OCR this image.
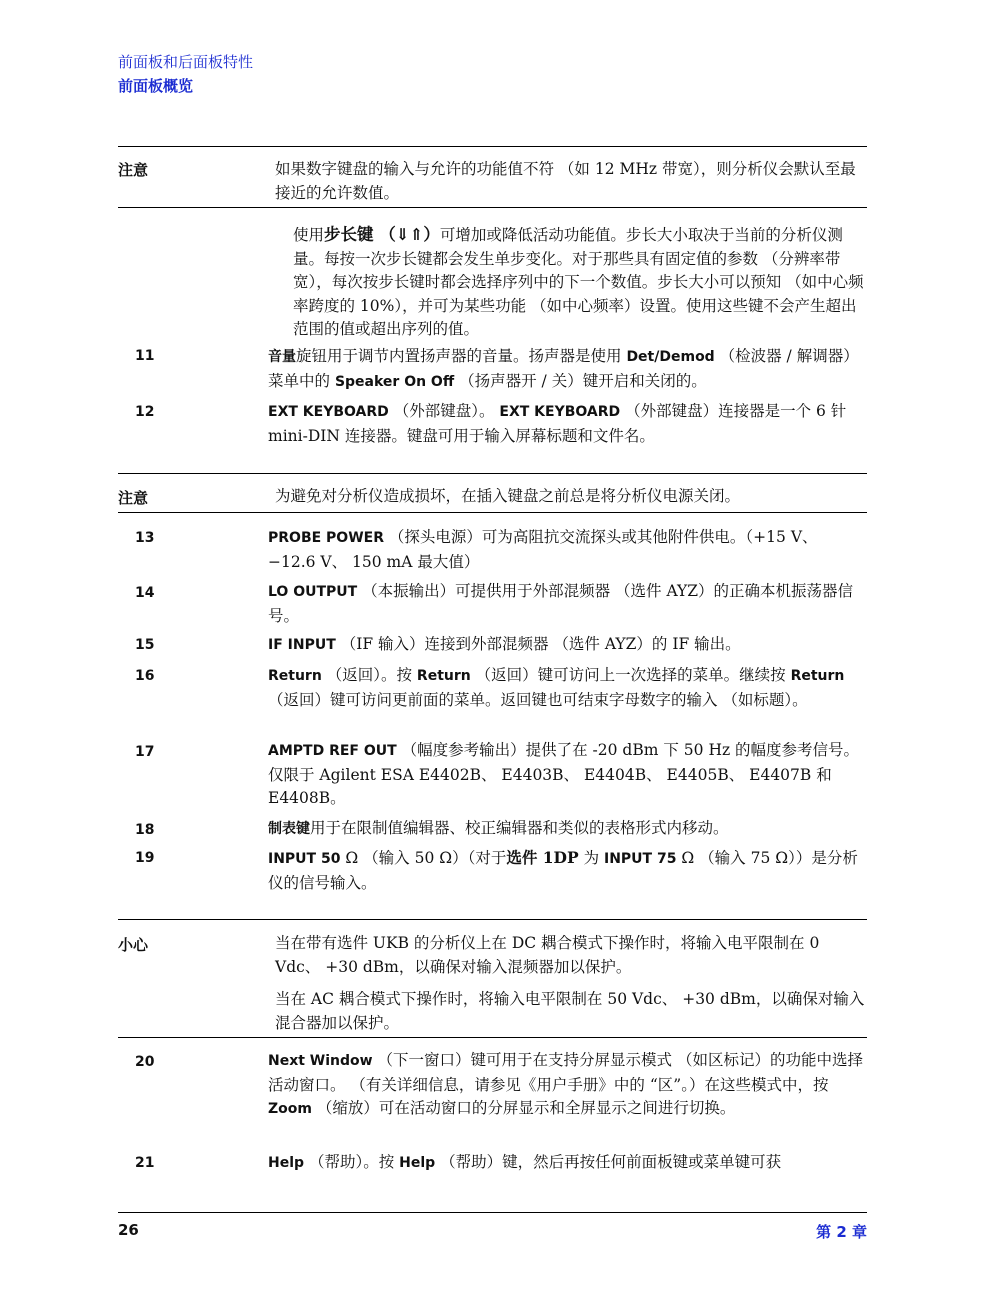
前面板和后面板特性
前面板概览
注意	如果数字键盘的输入与允许的功能值不符 （如 12 MHz 带宽），则分析仪会默认至最接近的允许数值。
使用步长键 （⇓⇑）可增加或降低活动功能值。步长大小取决于当前的分析仪测量。每按一次步长键都会发生单步变化。对于那些具有固定值的参数 （分辨率带宽），每次按步长键时都会选择序列中的下一个数值。步长大小可以预知 （如中心频率跨度的 10%），并可为某些功能 （如中心频率）设置。使用这些键不会产生超出范围的值或超出序列的值。
11	音量旋钮用于调节内置扬声器的音量。扬声器是使用 Det/Demod （检波器 / 解调器）菜单中的 Speaker On Off （扬声器开 / 关）键开启和关闭的。
12	EXT KEYBOARD （外部键盘）。 EXT KEYBOARD （外部键盘）连接器是一个 6 针 mini-DIN 连接器。键盘可用于输入屏幕标题和文件名。
注意	为避免对分析仪造成损坏，在插入键盘之前总是将分析仪电源关闭。
13	PROBE POWER （探头电源）可为高阻抗交流探头或其他附件供电。（+15 V、 −12.6 V、 150 mA 最大值）
14	LO OUTPUT （本振输出）可提供用于外部混频器 （选件 AYZ）的正确本机振荡器信号。
15	IF INPUT （IF 输入）连接到外部混频器 （选件 AYZ）的 IF 输出。
16	Return （返回）。按 Return （返回）键可访问上一次选择的菜单。继续按 Return （返回）键可访问更前面的菜单。返回键也可结束字母数字的输入 （如标题）。
17	AMPTD REF OUT （幅度参考输出）提供了在 -20 dBm 下 50 Hz 的幅度参考信号。仅限于 Agilent ESA E4402B、 E4403B、 E4404B、 E4405B、 E4407B 和 E4408B。
18	制表键用于在限制值编辑器、校正编辑器和类似的表格形式内移动。
19	INPUT 50 Ω （输入 50 Ω）（对于选件 1DP 为 INPUT 75 Ω （输入 75 Ω））是分析仪的信号输入。
小心	当在带有选件 UKB 的分析仪上在 DC 耦合模式下操作时，将输入电平限制在 0 Vdc、 +30 dBm，以确保对输入混频器加以保护。
当在 AC 耦合模式下操作时，将输入电平限制在 50 Vdc、 +30 dBm，以确保对输入混合器加以保护。
20	Next Window （下一窗口）键可用于在支持分屏显示模式 （如区标记）的功能中选择活动窗口。 （有关详细信息，请参见《用户手册》中的 “区”。）在这些模式中，按 Zoom （缩放）可在活动窗口的分屏显示和全屏显示之间进行切换。
21	Help （帮助）。按 Help （帮助）键，然后再按任何前面板键或菜单键可获
26	第 2 章
